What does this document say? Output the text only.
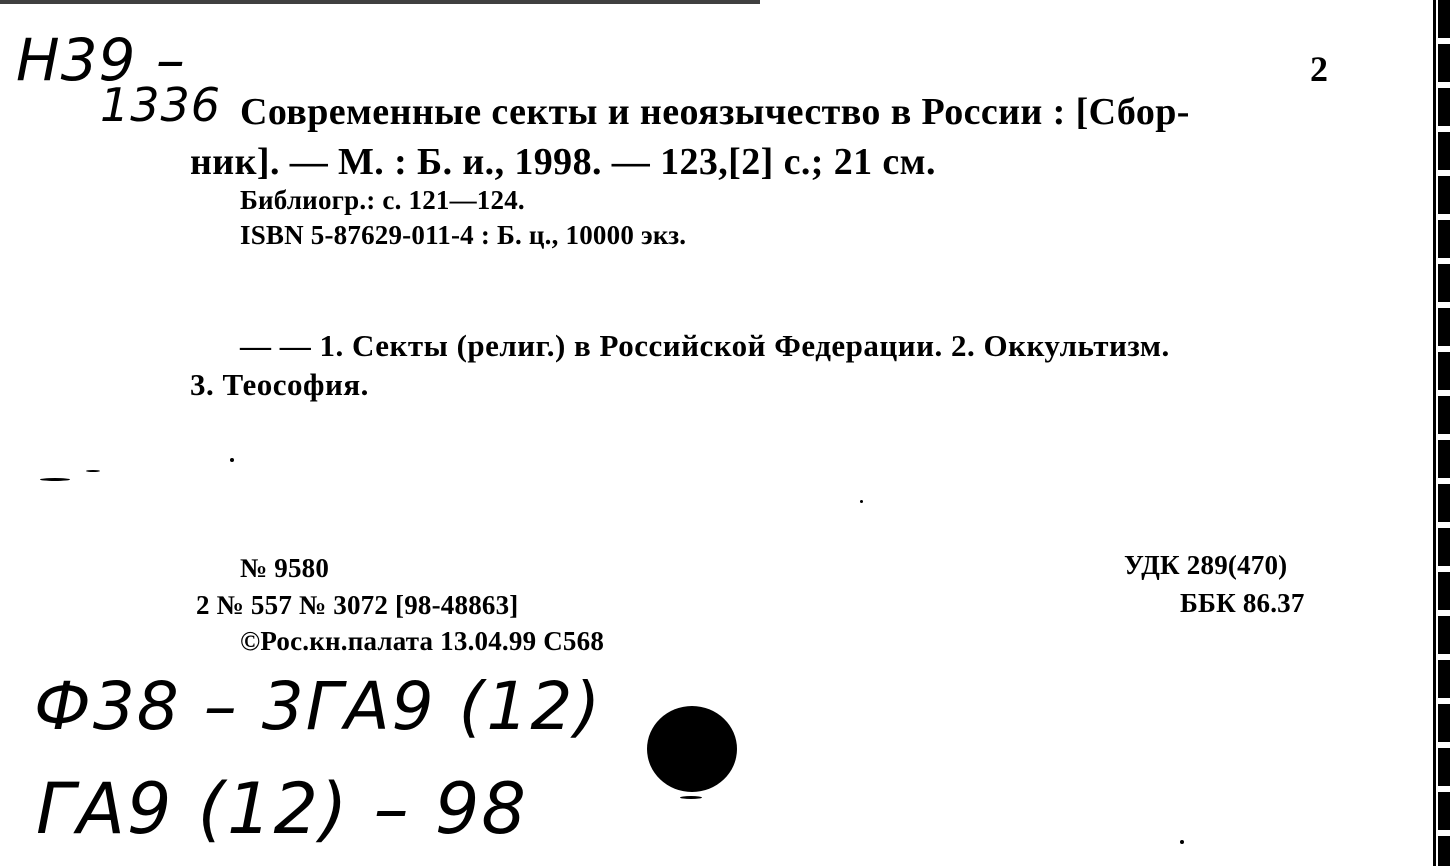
Н39 –
1336
2
Современные секты и неоязычество в России : [Сбор-
ник]. — М. : Б. и., 1998. — 123,[2] с.; 21 см.
Библиогр.: с. 121—124.
ISBN 5-87629-011-4 : Б. ц., 10000 экз.
— — 1. Секты (религ.) в Российской Федерации. 2. Оккультизм.
3. Теософия.
№ 9580
2 № 557 № 3072 [98-48863]
©Рос.кн.палата 13.04.99 С568
УДК 289(470)
ББК 86.37
Ф38 – 3ГА9 (12)
ГА9 (12) – 98
